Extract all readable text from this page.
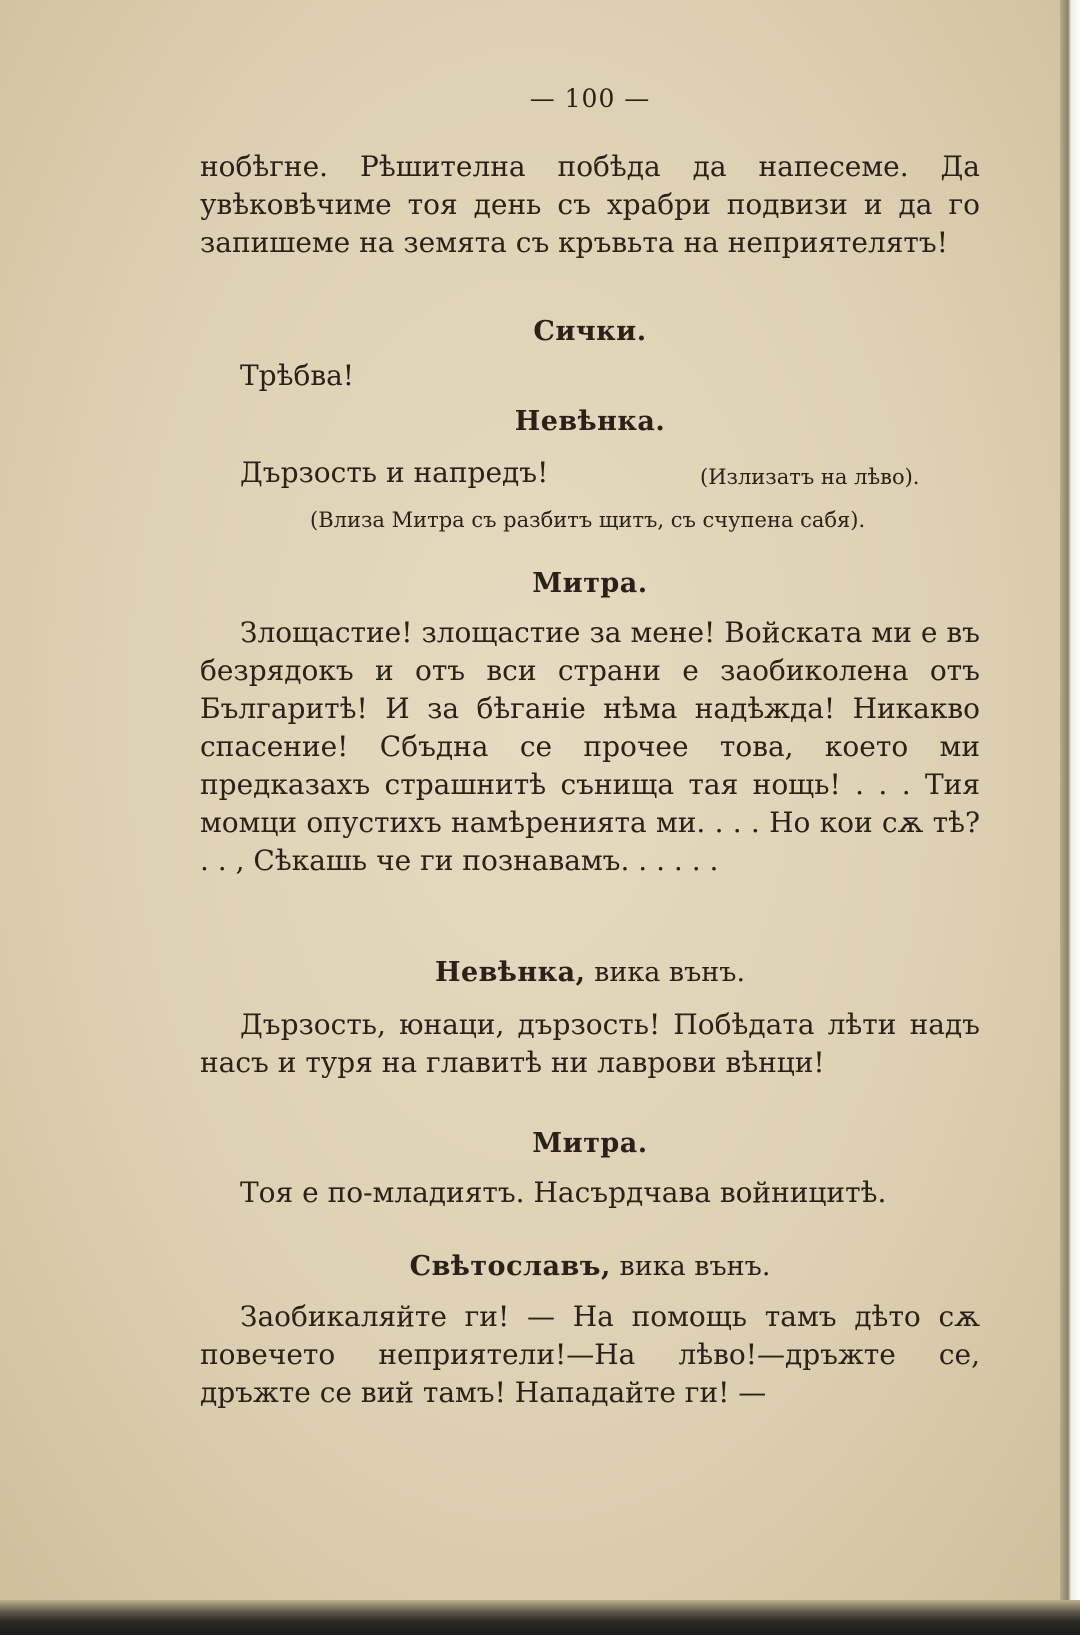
— 100 —

нобѣгне. Рѣшителна побѣда да напесеме. Да увѣковѣчиме тоя день съ храбри подвизи и да го запишеме на земята съ кръвьта на неприятелятъ!

Сички.

Трѣбва!

Невѣнка.

Дързость и напредъ!	(Излизатъ на лѣво).

(Влиза Митра съ разбитъ щитъ, съ счупена сабя).

Митра.

Злощастие! злощастие за мене! Войската ми е въ безрядокъ и отъ вси страни е заобиколена отъ Българитѣ! И за бѣганіе нѣма надѣжда! Никакво спасение! Сбъдна се прочее това, което ми предказахъ страшнитѣ сънища тая нощь! . . . Тия момци опустихъ намѣренията ми. . . . Но кои сѫ тѣ? . . , Сѣкашь че ги познавамъ. . . . . .

Невѣнка, вика вънъ.

Дързость, юнаци, дързость! Побѣдата лѣти надъ насъ и туря на главитѣ ни лаврови вѣнци!

Митра.

Тоя е по-младиятъ. Насърдчава войницитѣ.

Свѣтославъ, вика вънъ.

Заобикаляйте ги! — На помощь тамъ дѣто сѫ повечето неприятели!—На лѣво!—дръжте се, дръжте се вий тамъ! Нападайте ги! —
